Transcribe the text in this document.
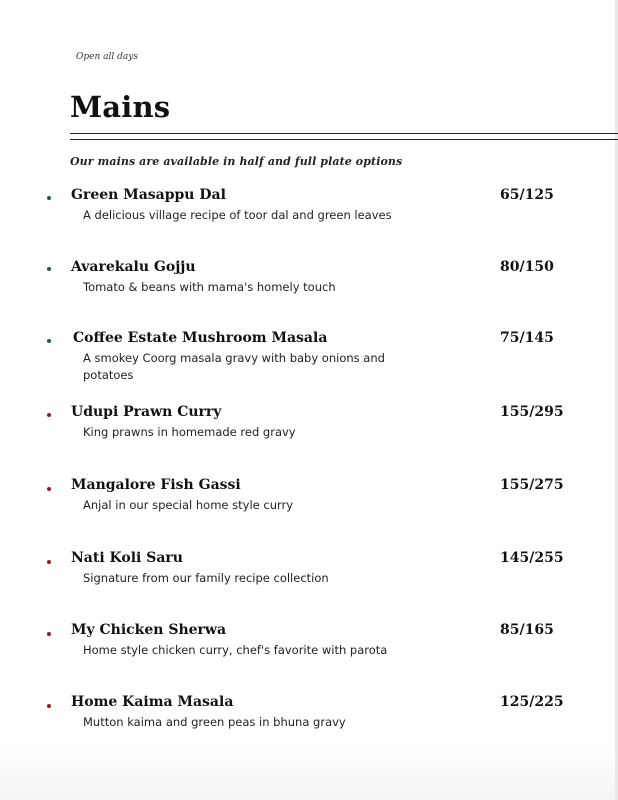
Open all days
Mains
Our mains are available in half and full plate options
Green Masappu Dal
A delicious village recipe of toor dal and green leaves
65/125
Avarekalu Gojju
Tomato & beans with mama's homely touch
80/150
Coffee Estate Mushroom Masala
A smokey Coorg masala gravy with baby onions and potatoes
75/145
Udupi Prawn Curry
King prawns in homemade red gravy
155/295
Mangalore Fish Gassi
Anjal in our special home style curry
155/275
Nati Koli Saru
Signature from our family recipe collection
145/255
My Chicken Sherwa
Home style chicken curry, chef's favorite with parota
85/165
Home Kaima Masala
Mutton kaima and green peas in bhuna gravy
125/225
